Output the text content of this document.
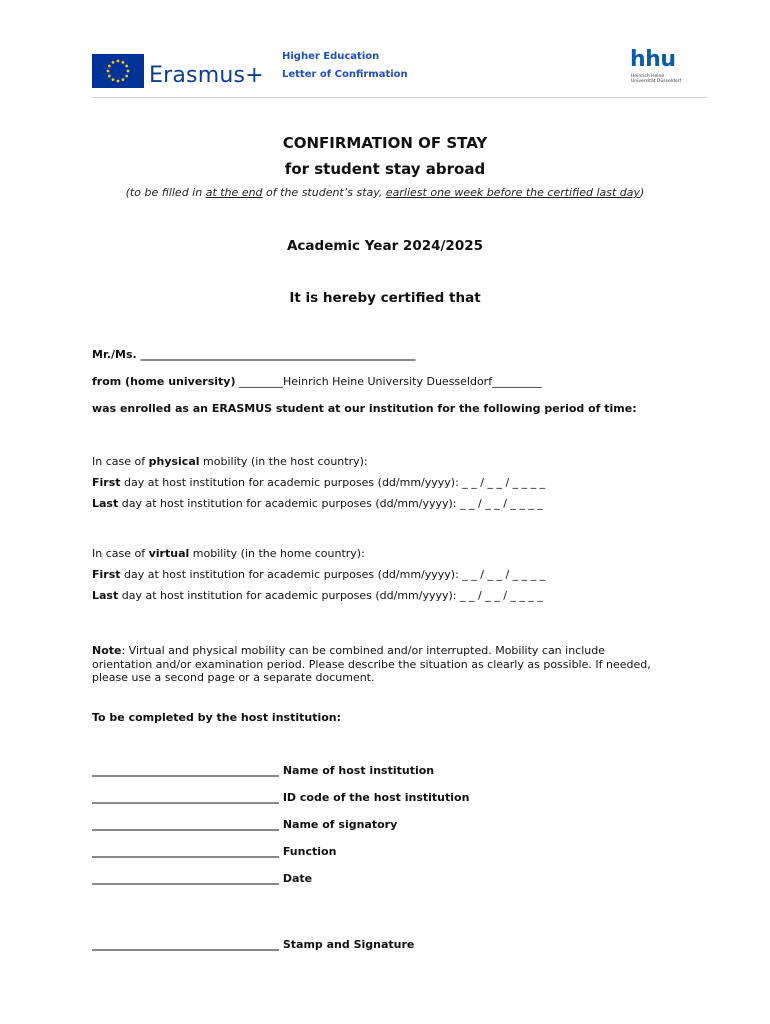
Erasmus+
Higher Education
Letter of Confirmation
hhu
Heinrich Heine
Universität Düsseldorf
CONFIRMATION OF STAY
for student stay abroad
(to be filled in at the end of the student’s stay, earliest one week before the certified last day)
Academic Year 2024/2025
It is hereby certified that
Mr./Ms. __________________________________________________
from (home university) ________Heinrich Heine University Duesseldorf_________
was enrolled as an ERASMUS student at our institution for the following period of time:
In case of physical mobility (in the host country):
First day at host institution for academic purposes (dd/mm/yyyy): _ _ / _ _ / _ _ _ _
Last day at host institution for academic purposes (dd/mm/yyyy): _ _ / _ _ / _ _ _ _
In case of virtual mobility (in the home country):
First day at host institution for academic purposes (dd/mm/yyyy): _ _ / _ _ / _ _ _ _
Last day at host institution for academic purposes (dd/mm/yyyy): _ _ / _ _ / _ _ _ _
Note: Virtual and physical mobility can be combined and/or interrupted. Mobility can include orientation and/or examination period. Please describe the situation as clearly as possible. If needed, please use a second page or a separate document.
To be completed by the host institution:
__________________________________ Name of host institution
__________________________________ ID code of the host institution
__________________________________ Name of signatory
__________________________________ Function
__________________________________ Date
__________________________________ Stamp and Signature
